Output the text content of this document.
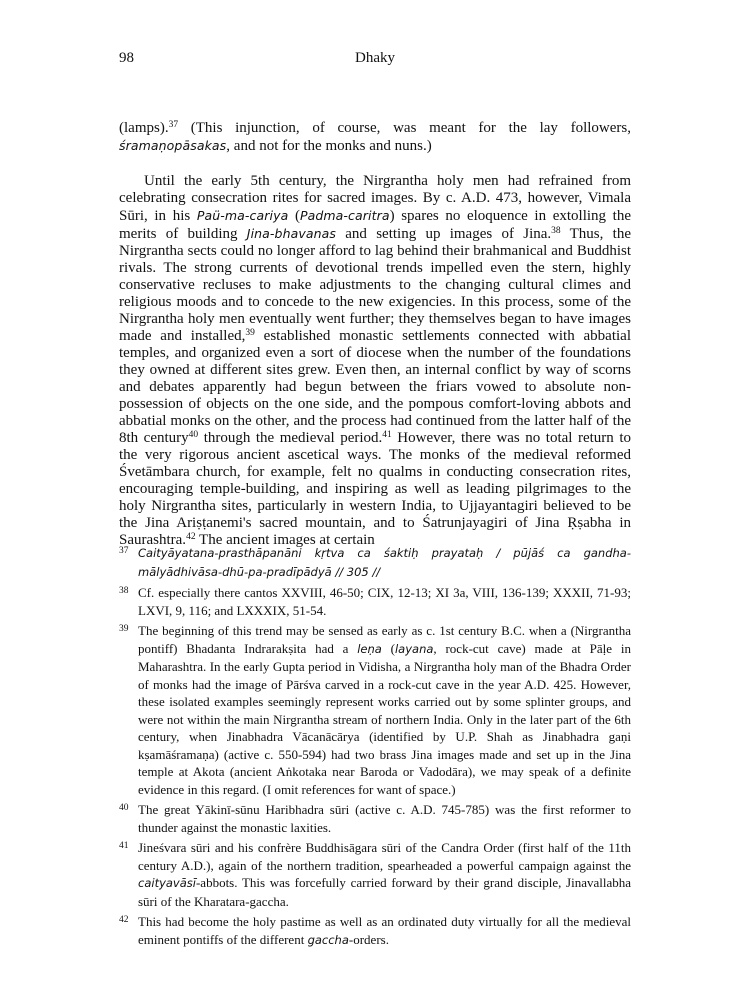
98	Dhaky

(lamps).$^{37}$ (This injunction, of course, was meant for the lay followers, śramaṇopāsakas, and not for the monks and nuns.)

Until the early 5th century, the Nirgrantha holy men had refrained from celebrating consecration rites for sacred images. By c. A.D. 473, however, Vimala Sūri, in his Paü-ma-cariya (Padma-caritra) spares no eloquence in extolling the merits of building Jina-bhavanas and setting up images of Jina.$^{38}$ Thus, the Nirgrantha sects could no longer afford to lag behind their brahmanical and Buddhist rivals. The strong currents of devotional trends impelled even the stern, highly conservative recluses to make adjustments to the changing cultural climes and religious moods and to concede to the new exigencies. In this process, some of the Nirgrantha holy men eventually went further; they themselves began to have images made and installed,$^{39}$ established monastic settlements connected with abbatial temples, and organized even a sort of diocese when the number of the foundations they owned at different sites grew. Even then, an internal conflict by way of scorns and debates apparently had begun between the friars vowed to absolute non-possession of objects on the one side, and the pompous comfort-loving abbots and abbatial monks on the other, and the process had continued from the latter half of the 8th century$^{40}$ through the medieval period.$^{41}$ However, there was no total return to the very rigorous ancient ascetical ways. The monks of the medieval reformed Śvetāmbara church, for example, felt no qualms in conducting consecration rites, encouraging temple-building, and inspiring as well as leading pilgrimages to the holy Nirgrantha sites, particularly in western India, to Ujjayantagiri believed to be the Jina Ariṣṭanemi's sacred mountain, and to Śatrunjayagiri of Jina Ṛṣabha in Saurashtra.$^{42}$ The ancient images at certain

37 Caityāyatana-prasthāpanāni kṛtva ca śaktiḥ prayataḥ / pūjāś ca gandha-mālyādhivāsa-dhū-pa-pradīpādyā // 305 //
38 Cf. especially there cantos XXVIII, 46-50; CIX, 12-13; XI 3a, VIII, 136-139; XXXII, 71-93; LXVI, 9, 116; and LXXXIX, 51-54.
39 The beginning of this trend may be sensed as early as c. 1st century B.C. when a (Nirgrantha pontiff) Bhadanta Indrarakṣita had a leṇa (layana, rock-cut cave) made at Pāḷe in Maharashtra. In the early Gupta period in Vidisha, a Nirgrantha holy man of the Bhadra Order of monks had the image of Pārśva carved in a rock-cut cave in the year A.D. 425. However, these isolated examples seemingly represent works carried out by some splinter groups, and were not within the main Nirgrantha stream of northern India. Only in the later part of the 6th century, when Jinabhadra Vācanācārya (identified by U.P. Shah as Jinabhadra gaṇi kṣamāśramaṇa) (active c. 550-594) had two brass Jina images made and set up in the Jina temple at Akota (ancient Aṅkotaka near Baroda or Vadodāra), we may speak of a definite evidence in this regard. (I omit references for want of space.)
40 The great Yākinī-sūnu Haribhadra sūri (active c. A.D. 745-785) was the first reformer to thunder against the monastic laxities.
41 Jineśvara sūri and his confrère Buddhisāgara sūri of the Candra Order (first half of the 11th century A.D.), again of the northern tradition, spearheaded a powerful campaign against the caityavāsī-abbots. This was forcefully carried forward by their grand disciple, Jinavallabha sūri of the Kharatara-gaccha.
42 This had become the holy pastime as well as an ordinated duty virtually for all the medieval eminent pontiffs of the different gaccha-orders.
